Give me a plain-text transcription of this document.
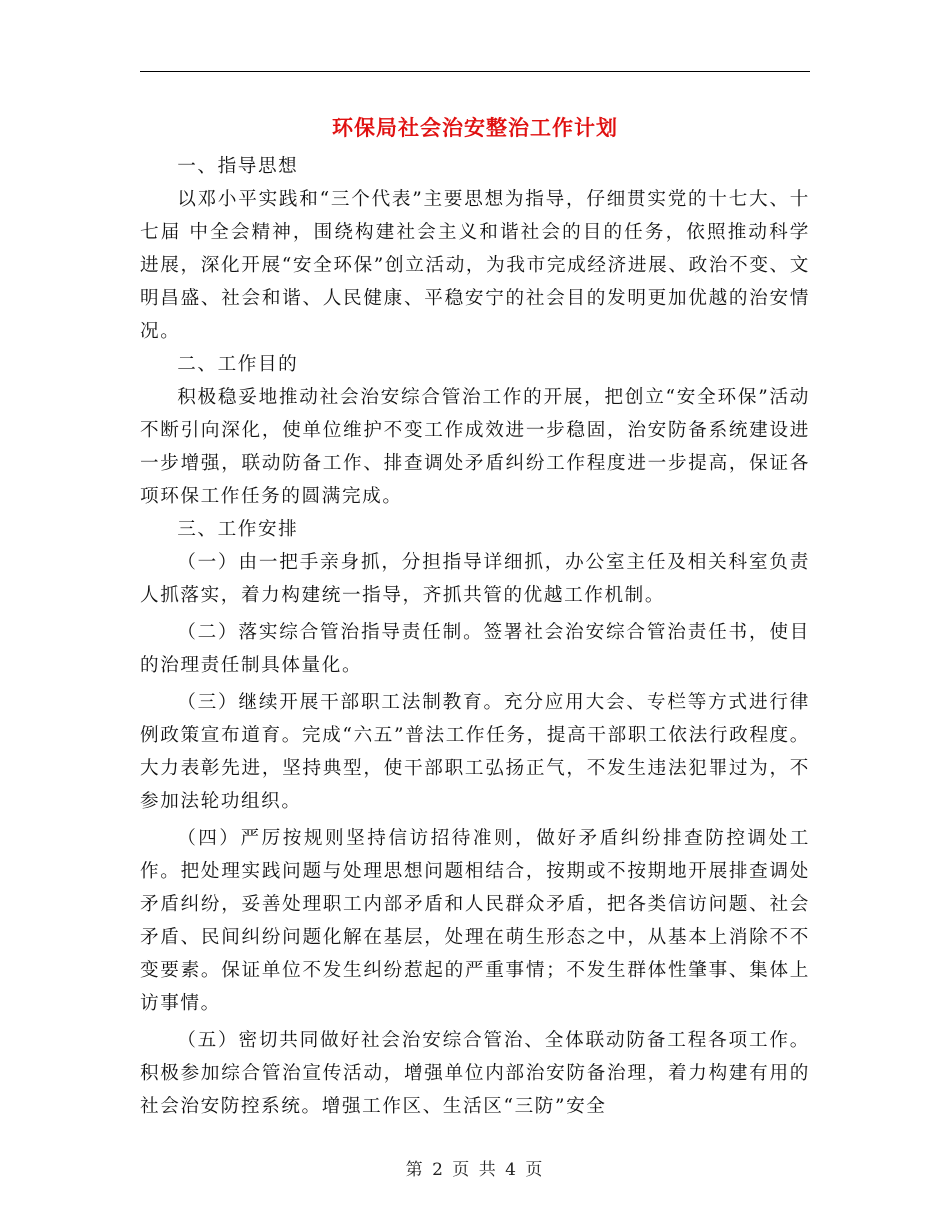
环保局社会治安整治工作计划

一、指导思想

以邓小平实践和“三个代表”主要思想为指导，仔细贯实党的十七大、十七届 中全会精神，围绕构建社会主义和谐社会的目的任务，依照推动科学进展，深化开展“安全环保”创立活动，为我市完成经济进展、政治不变、文明昌盛、社会和谐、人民健康、平稳安宁的社会目的发明更加优越的治安情况。

二、工作目的

积极稳妥地推动社会治安综合管治工作的开展，把创立“安全环保”活动不断引向深化，使单位维护不变工作成效进一步稳固，治安防备系统建设进一步增强，联动防备工作、排查调处矛盾纠纷工作程度进一步提高，保证各项环保工作任务的圆满完成。

三、工作安排

（一）由一把手亲身抓，分担指导详细抓，办公室主任及相关科室负责人抓落实，着力构建统一指导，齐抓共管的优越工作机制。

（二）落实综合管治指导责任制。签署社会治安综合管治责任书，使目的治理责任制具体量化。

（三）继续开展干部职工法制教育。充分应用大会、专栏等方式进行律例政策宣布道育。完成“六五”普法工作任务，提高干部职工依法行政程度。大力表彰先进，坚持典型，使干部职工弘扬正气，不发生违法犯罪过为，不参加法轮功组织。

（四）严厉按规则坚持信访招待准则，做好矛盾纠纷排查防控调处工作。把处理实践问题与处理思想问题相结合，按期或不按期地开展排查调处矛盾纠纷，妥善处理职工内部矛盾和人民群众矛盾，把各类信访问题、社会矛盾、民间纠纷问题化解在基层，处理在萌生形态之中，从基本上消除不不变要素。保证单位不发生纠纷惹起的严重事情；不发生群体性肇事、集体上访事情。

（五）密切共同做好社会治安综合管治、全体联动防备工程各项工作。积极参加综合管治宣传活动，增强单位内部治安防备治理，着力构建有用的社会治安防控系统。增强工作区、生活区“三防”安全

第 2 页 共 4 页
